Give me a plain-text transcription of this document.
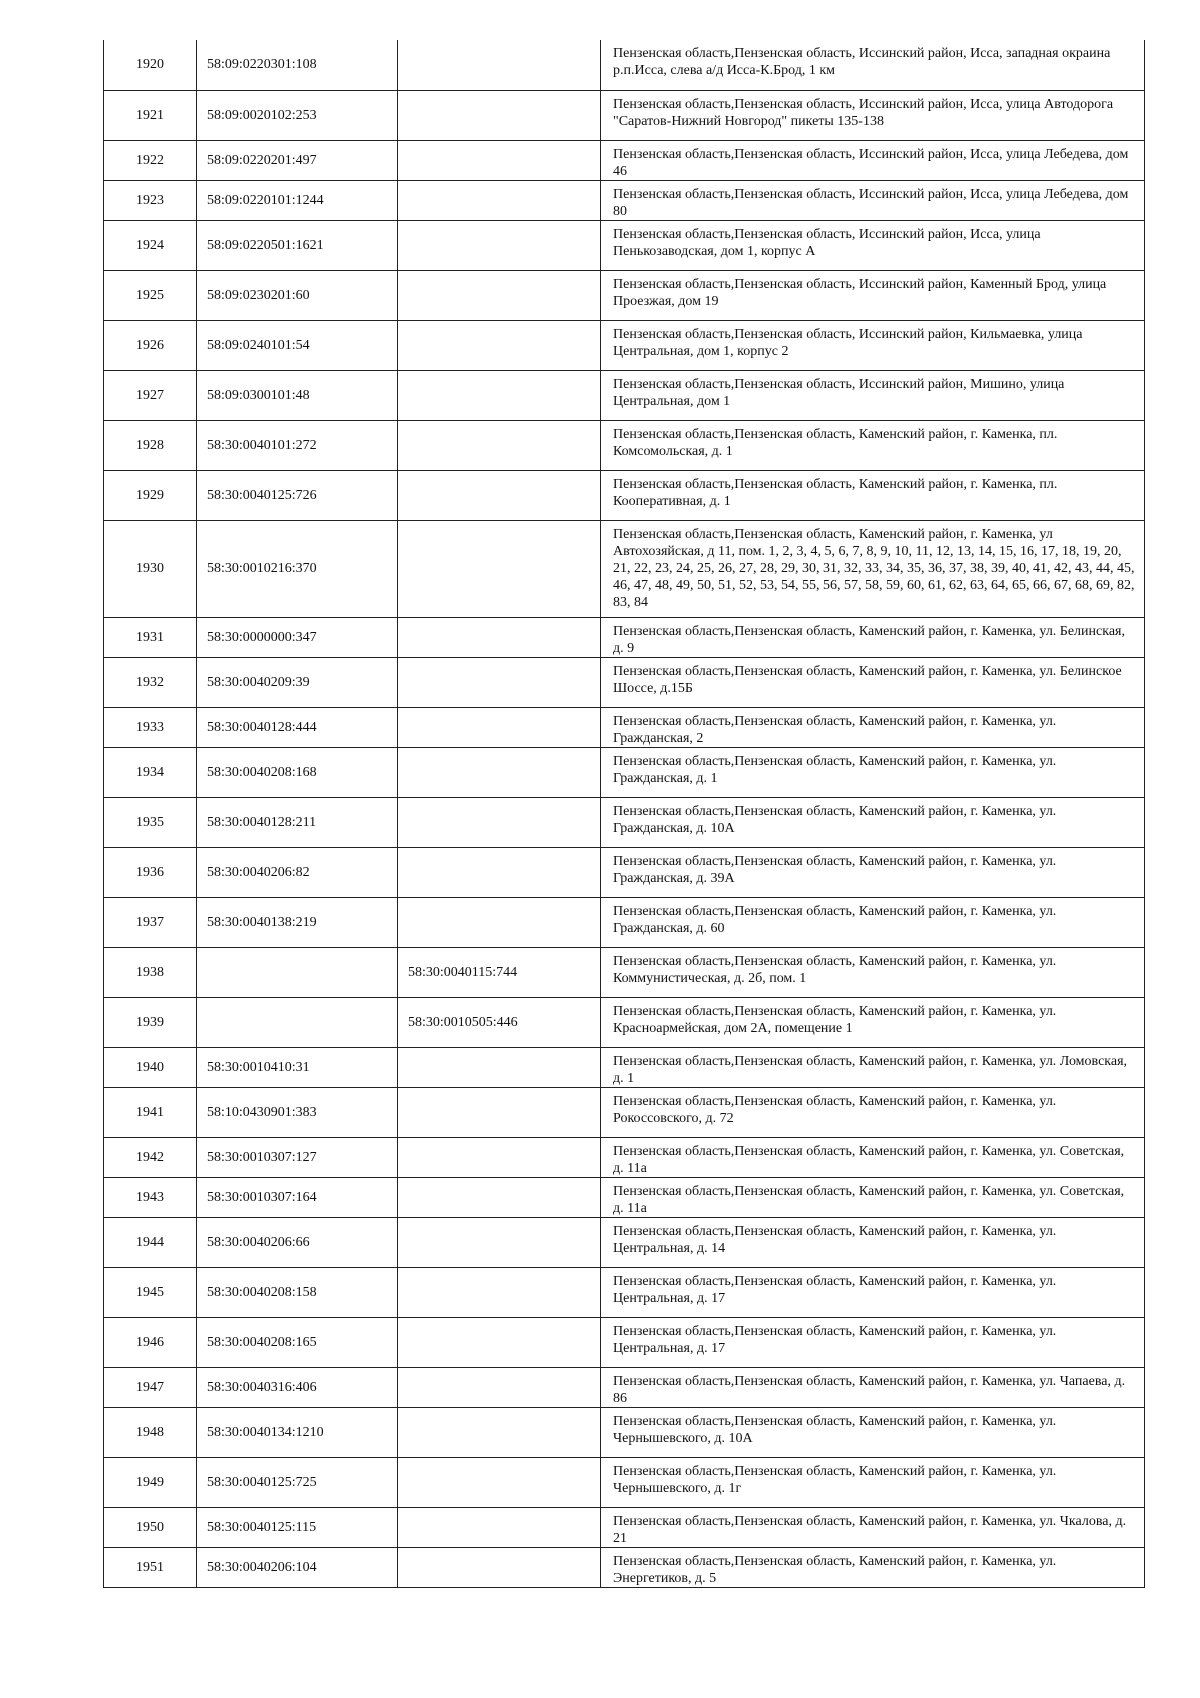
1920	58:09:0220301:108		Пензенская область,Пензенская область, Иссинский район, Исса, западная окраина р.п.Исса, слева а/д Исса-К.Брод, 1 км
1921	58:09:0020102:253		Пензенская область,Пензенская область, Иссинский район, Исса, улица Автодорога "Саратов-Нижний Новгород" пикеты 135-138
1922	58:09:0220201:497		Пензенская область,Пензенская область, Иссинский район, Исса, улица Лебедева, дом 46
1923	58:09:0220101:1244		Пензенская область,Пензенская область, Иссинский район, Исса, улица Лебедева, дом 80
1924	58:09:0220501:1621		Пензенская область,Пензенская область, Иссинский район, Исса, улица Пенькозаводская, дом 1, корпус А
1925	58:09:0230201:60		Пензенская область,Пензенская область, Иссинский район, Каменный Брод, улица Проезжая, дом 19
1926	58:09:0240101:54		Пензенская область,Пензенская область, Иссинский район, Кильмаевка, улица Центральная, дом 1, корпус 2
1927	58:09:0300101:48		Пензенская область,Пензенская область, Иссинский район, Мишино, улица Центральная, дом 1
1928	58:30:0040101:272		Пензенская область,Пензенская область, Каменский район, г. Каменка, пл. Комсомольская, д. 1
1929	58:30:0040125:726		Пензенская область,Пензенская область, Каменский район, г. Каменка, пл. Кооперативная, д. 1
1930	58:30:0010216:370		Пензенская область,Пензенская область, Каменский район, г. Каменка, ул Автохозяйская, д 11, пом. 1, 2, 3, 4, 5, 6, 7, 8, 9, 10, 11, 12, 13, 14, 15, 16, 17, 18, 19, 20, 21, 22, 23, 24, 25, 26, 27, 28, 29, 30, 31, 32, 33, 34, 35, 36, 37, 38, 39, 40, 41, 42, 43, 44, 45, 46, 47, 48, 49, 50, 51, 52, 53, 54, 55, 56, 57, 58, 59, 60, 61, 62, 63, 64, 65, 66, 67, 68, 69, 82, 83, 84
1931	58:30:0000000:347		Пензенская область,Пензенская область, Каменский район, г. Каменка, ул. Белинская, д. 9
1932	58:30:0040209:39		Пензенская область,Пензенская область, Каменский район, г. Каменка, ул. Белинское Шоссе, д.15Б
1933	58:30:0040128:444		Пензенская область,Пензенская область, Каменский район, г. Каменка, ул. Гражданская, 2
1934	58:30:0040208:168		Пензенская область,Пензенская область, Каменский район, г. Каменка, ул. Гражданская, д. 1
1935	58:30:0040128:211		Пензенская область,Пензенская область, Каменский район, г. Каменка, ул. Гражданская, д. 10А
1936	58:30:0040206:82		Пензенская область,Пензенская область, Каменский район, г. Каменка, ул. Гражданская, д. 39А
1937	58:30:0040138:219		Пензенская область,Пензенская область, Каменский район, г. Каменка, ул. Гражданская, д. 60
1938		58:30:0040115:744	Пензенская область,Пензенская область, Каменский район, г. Каменка, ул. Коммунистическая, д. 2б, пом. 1
1939		58:30:0010505:446	Пензенская область,Пензенская область, Каменский район, г. Каменка, ул. Красноармейская, дом 2А, помещение 1
1940	58:30:0010410:31		Пензенская область,Пензенская область, Каменский район, г. Каменка, ул. Ломовская, д. 1
1941	58:10:0430901:383		Пензенская область,Пензенская область, Каменский район, г. Каменка, ул. Рокоссовского, д. 72
1942	58:30:0010307:127		Пензенская область,Пензенская область, Каменский район, г. Каменка, ул. Советская, д. 11а
1943	58:30:0010307:164		Пензенская область,Пензенская область, Каменский район, г. Каменка, ул. Советская, д. 11а
1944	58:30:0040206:66		Пензенская область,Пензенская область, Каменский район, г. Каменка, ул. Центральная, д. 14
1945	58:30:0040208:158		Пензенская область,Пензенская область, Каменский район, г. Каменка, ул. Центральная, д. 17
1946	58:30:0040208:165		Пензенская область,Пензенская область, Каменский район, г. Каменка, ул. Центральная, д. 17
1947	58:30:0040316:406		Пензенская область,Пензенская область, Каменский район, г. Каменка, ул. Чапаева, д. 86
1948	58:30:0040134:1210		Пензенская область,Пензенская область, Каменский район, г. Каменка, ул. Чернышевского, д. 10А
1949	58:30:0040125:725		Пензенская область,Пензенская область, Каменский район, г. Каменка, ул. Чернышевского, д. 1г
1950	58:30:0040125:115		Пензенская область,Пензенская область, Каменский район, г. Каменка, ул. Чкалова, д. 21
1951	58:30:0040206:104		Пензенская область,Пензенская область, Каменский район, г. Каменка, ул. Энергетиков, д. 5
